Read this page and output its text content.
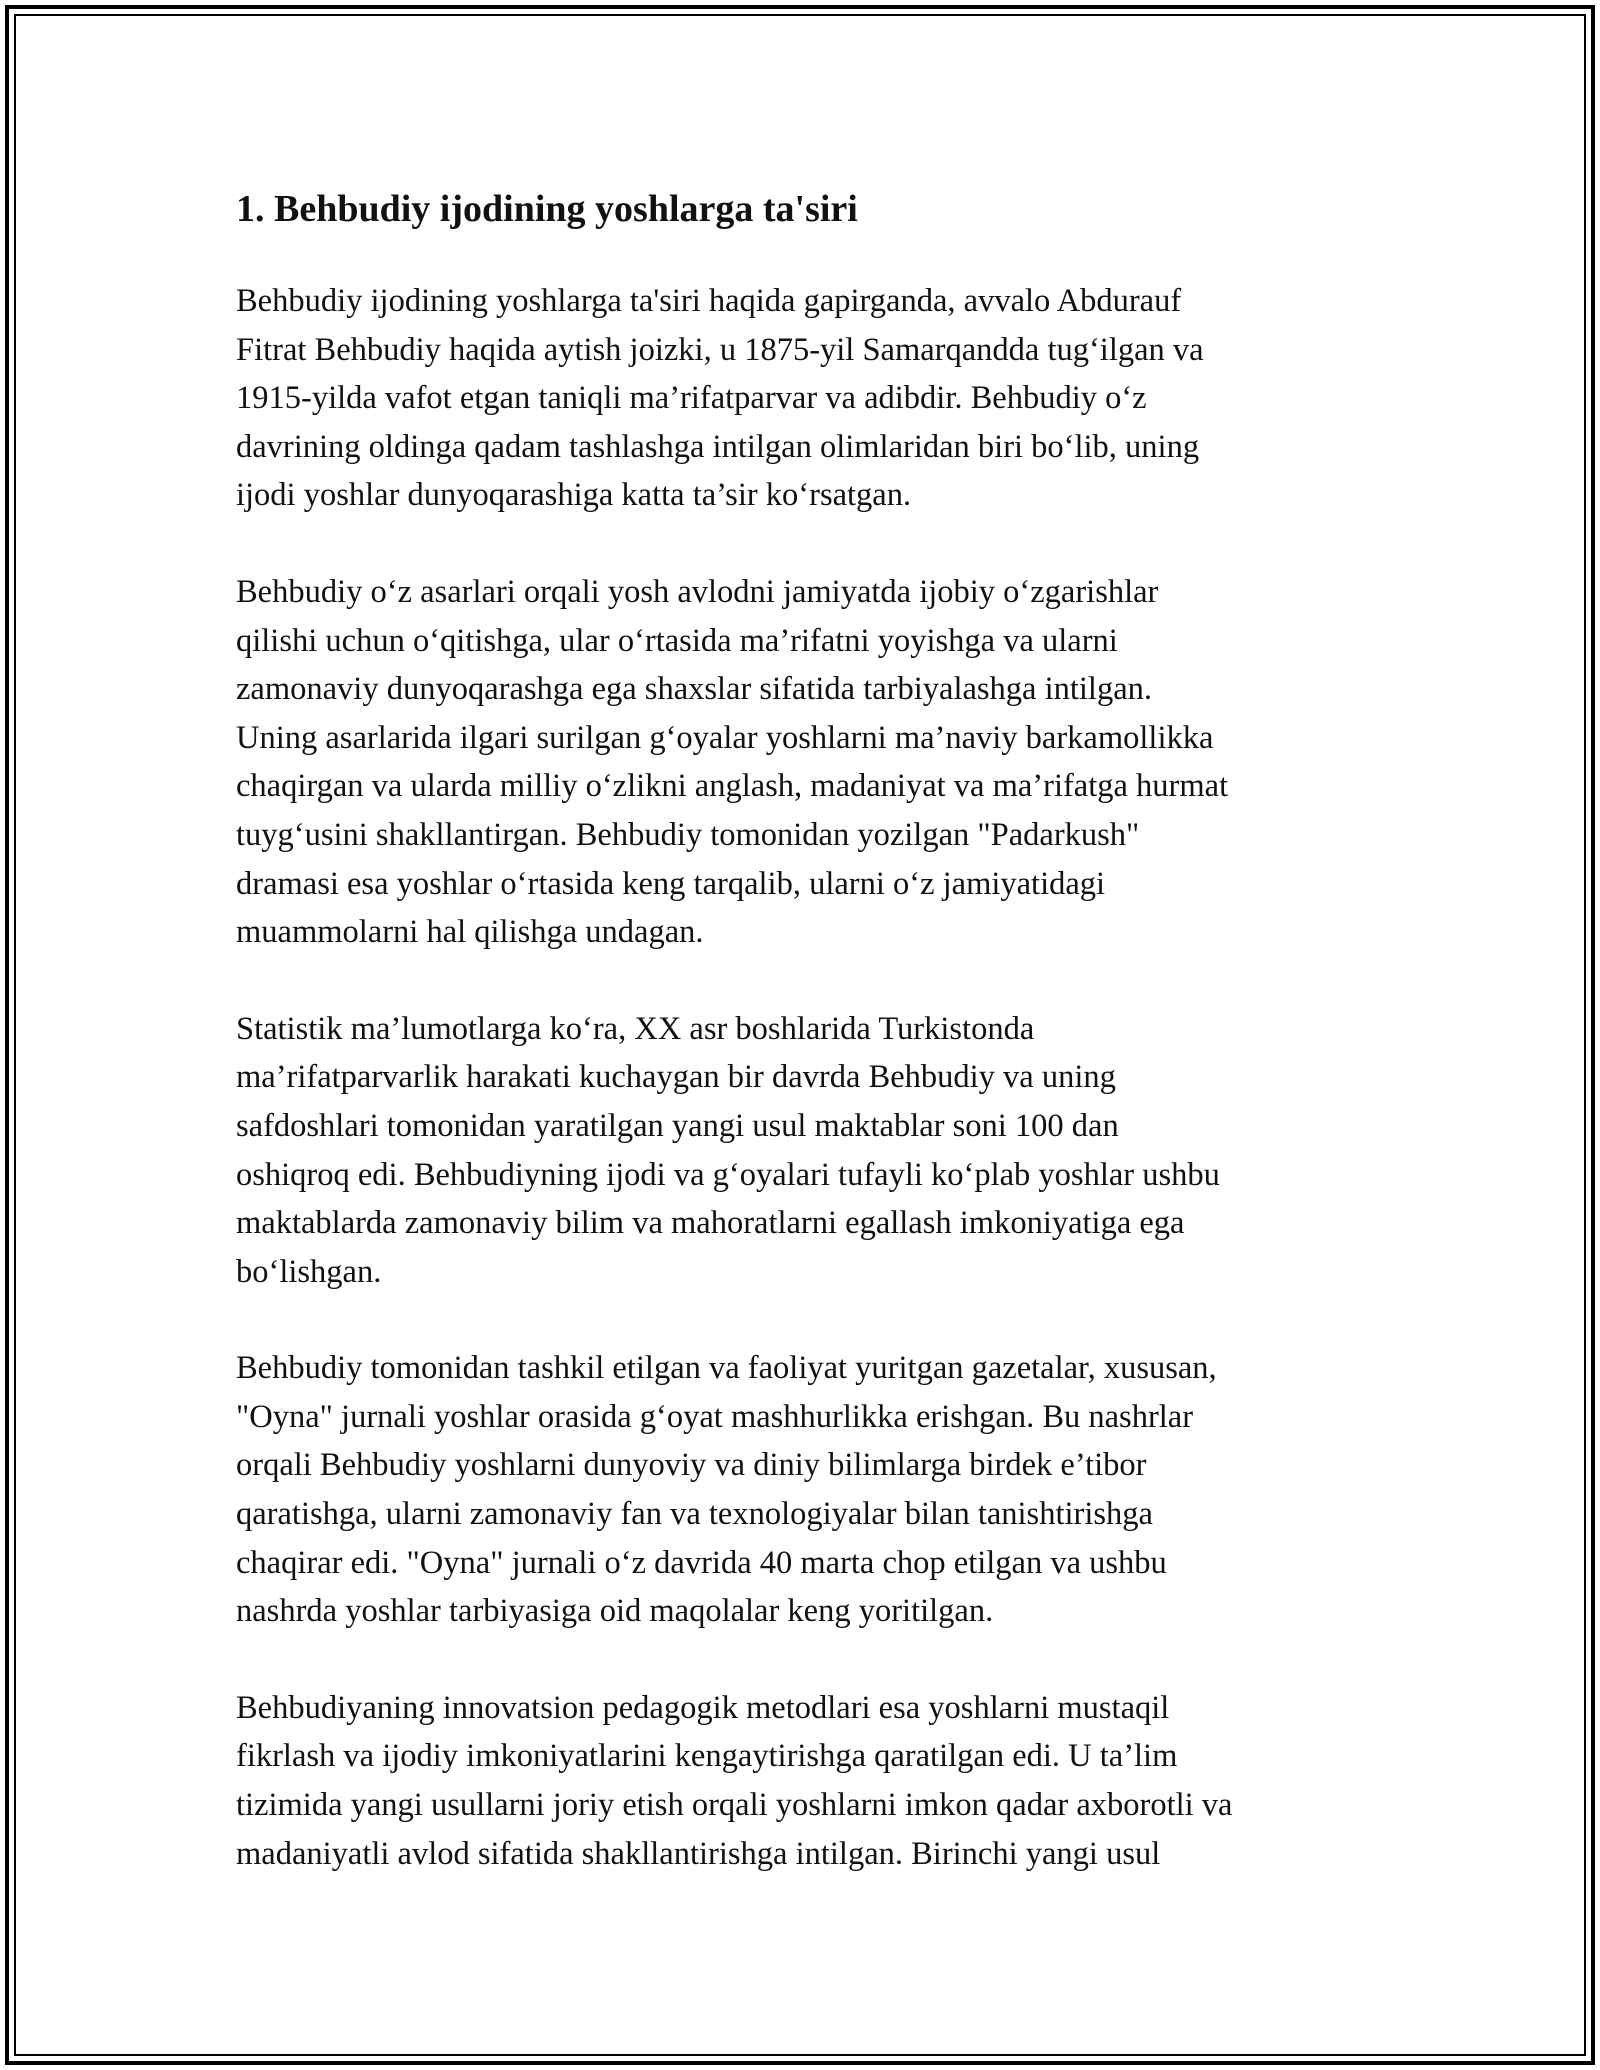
1. Behbudiy ijodining yoshlarga ta'siri

Behbudiy ijodining yoshlarga ta'siri haqida gapirganda, avvalo Abdurauf
Fitrat Behbudiy haqida aytish joizki, u 1875-yil Samarqandda tug‘ilgan va
1915-yilda vafot etgan taniqli ma’rifatparvar va adibdir. Behbudiy o‘z
davrining oldinga qadam tashlashga intilgan olimlaridan biri bo‘lib, uning
ijodi yoshlar dunyoqarashiga katta ta’sir ko‘rsatgan.

Behbudiy o‘z asarlari orqali yosh avlodni jamiyatda ijobiy o‘zgarishlar
qilishi uchun o‘qitishga, ular o‘rtasida ma’rifatni yoyishga va ularni
zamonaviy dunyoqarashga ega shaxslar sifatida tarbiyalashga intilgan.
Uning asarlarida ilgari surilgan g‘oyalar yoshlarni ma’naviy barkamollikka
chaqirgan va ularda milliy o‘zlikni anglash, madaniyat va ma’rifatga hurmat
tuyg‘usini shakllantirgan. Behbudiy tomonidan yozilgan "Padarkush"
dramasi esa yoshlar o‘rtasida keng tarqalib, ularni o‘z jamiyatidagi
muammolarni hal qilishga undagan.

Statistik ma’lumotlarga ko‘ra, XX asr boshlarida Turkistonda
ma’rifatparvarlik harakati kuchaygan bir davrda Behbudiy va uning
safdoshlari tomonidan yaratilgan yangi usul maktablar soni 100 dan
oshiqroq edi. Behbudiyning ijodi va g‘oyalari tufayli ko‘plab yoshlar ushbu
maktablarda zamonaviy bilim va mahoratlarni egallash imkoniyatiga ega
bo‘lishgan.

Behbudiy tomonidan tashkil etilgan va faoliyat yuritgan gazetalar, xususan,
"Oyna" jurnali yoshlar orasida g‘oyat mashhurlikka erishgan. Bu nashrlar
orqali Behbudiy yoshlarni dunyoviy va diniy bilimlarga birdek e’tibor
qaratishga, ularni zamonaviy fan va texnologiyalar bilan tanishtirishga
chaqirar edi. "Oyna" jurnali o‘z davrida 40 marta chop etilgan va ushbu
nashrda yoshlar tarbiyasiga oid maqolalar keng yoritilgan.

Behbudiyaning innovatsion pedagogik metodlari esa yoshlarni mustaqil
fikrlash va ijodiy imkoniyatlarini kengaytirishga qaratilgan edi. U ta’lim
tizimida yangi usullarni joriy etish orqali yoshlarni imkon qadar axborotli va
madaniyatli avlod sifatida shakllantirishga intilgan. Birinchi yangi usul
